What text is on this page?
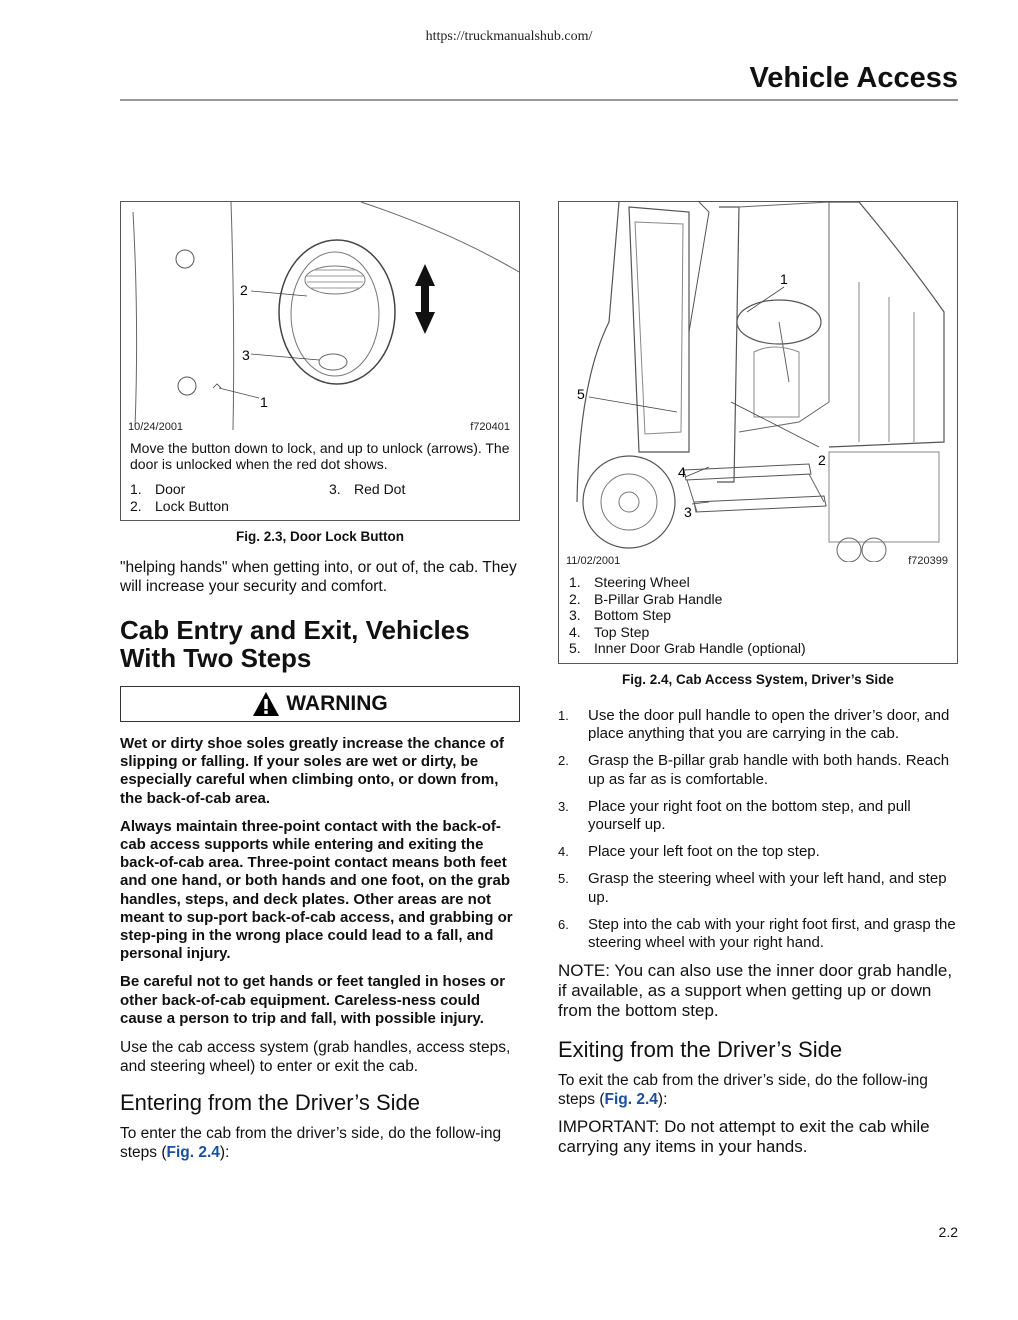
https://truckmanualshub.com/
Vehicle Access
2
3
1
10/24/2001	f720401
Move the button down to lock, and up to unlock (arrows). The door is unlocked when the red dot shows.
1. Door
2. Lock Button
3. Red Dot
Fig. 2.3, Door Lock Button

"helping hands" when getting into, or out of, the cab. They will increase your security and comfort.

Cab Entry and Exit, Vehicles With Two Steps
WARNING

Wet or dirty shoe soles greatly increase the chance of slipping or falling. If your soles are wet or dirty, be especially careful when climbing onto, or down from, the back-of-cab area.

Always maintain three-point contact with the back-of-cab access supports while entering and exiting the back-of-cab area. Three-point contact means both feet and one hand, or both hands and one foot, on the grab handles, steps, and deck plates. Other areas are not meant to sup-port back-of-cab access, and grabbing or step-ping in the wrong place could lead to a fall, and personal injury.

Be careful not to get hands or feet tangled in hoses or other back-of-cab equipment. Careless-ness could cause a person to trip and fall, with possible injury.

Use the cab access system (grab handles, access steps, and steering wheel) to enter or exit the cab.

Entering from the Driver’s Side

To enter the cab from the driver’s side, do the follow-ing steps (Fig. 2.4):

1
5
2
4
3
11/02/2001	f720399
1. Steering Wheel
2. B-Pillar Grab Handle
3. Bottom Step
4. Top Step
5. Inner Door Grab Handle (optional)
Fig. 2.4, Cab Access System, Driver’s Side
1.	Use the door pull handle to open the driver’s door, and place anything that you are carrying in the cab.
2.	Grasp the B-pillar grab handle with both hands. Reach up as far as is comfortable.
3.	Place your right foot on the bottom step, and pull yourself up.
4.	Place your left foot on the top step.
5.	Grasp the steering wheel with your left hand, and step up.
6.	Step into the cab with your right foot first, and grasp the steering wheel with your right hand.

NOTE: You can also use the inner door grab handle, if available, as a support when getting up or down from the bottom step.

Exiting from the Driver’s Side

To exit the cab from the driver’s side, do the follow-ing steps (Fig. 2.4):

IMPORTANT: Do not attempt to exit the cab while carrying any items in your hands.

2.2
